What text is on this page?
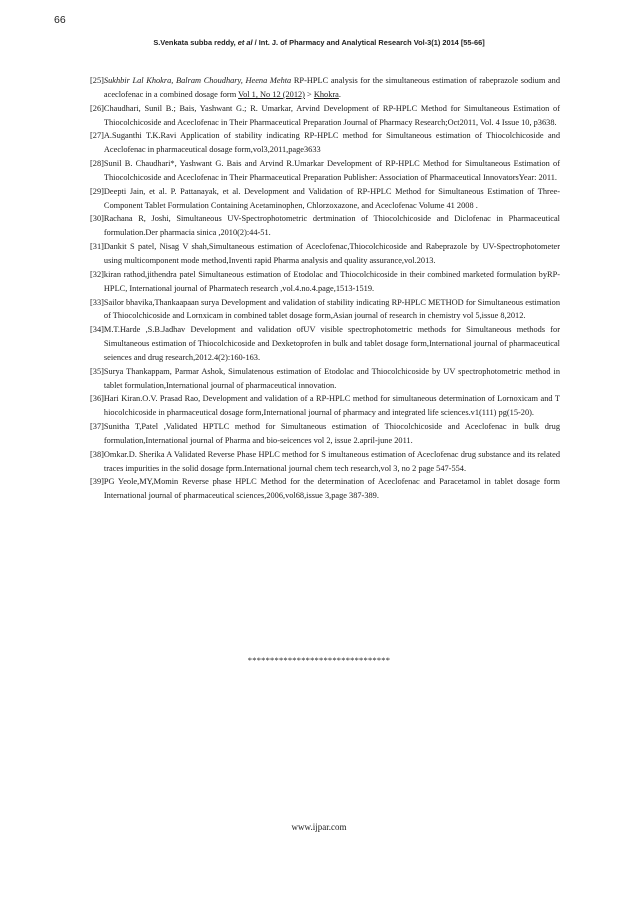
66
S.Venkata subba reddy, et al / Int. J. of Pharmacy and Analytical Research Vol-3(1) 2014 [55-66]
[25] Sukhbir Lal Khokra, Balram Choudhary, Heena Mehta RP-HPLC analysis for the simultaneous estimation of rabeprazole sodium and aceclofenac in a combined dosage form Vol 1, No 12 (2012) > Khokra.
[26] Chaudhari, Sunil B.; Bais, Yashwant G.; R. Umarkar, Arvind Development of RP-HPLC Method for Simultaneous Estimation of Thiocolchicoside and Aceclofenac in Their Pharmaceutical Preparation Journal of Pharmacy Research;Oct2011, Vol. 4 Issue 10, p3638.
[27] A.Suganthi T.K.Ravi Application of stability indicating RP-HPLC method for Simultaneous estimation of Thiocolchicoside and Aceclofenac in pharmaceutical dosage form,vol3,2011,page3633
[28] Sunil B. Chaudhari*, Yashwant G. Bais and Arvind R.Umarkar Development of RP-HPLC Method for Simultaneous Estimation of Thiocolchicoside and Aceclofenac in Their Pharmaceutical Preparation Publisher: Association of Pharmaceutical InnovatorsYear: 2011.
[29] Deepti Jain, et al. P. Pattanayak, et al. Development and Validation of RP-HPLC Method for Simultaneous Estimation of Three-Component Tablet Formulation Containing Acetaminophen, Chlorzoxazone, and Aceclofenac Volume 41 2008 .
[30] Rachana R, Joshi, Simultaneous UV-Spectrophotometric dertmination of Thiocolchicoside and Diclofenac in Pharmaceutical formulation.Der pharmacia sinica ,2010(2):44-51.
[31] Dankit S patel, Nisag V shah,Simultaneous estimation of Aceclofenac,Thiocolchicoside and Rabeprazole by UV-Spectrophotometer using multicomponent mode method,Inventi rapid Pharma analysis and quality assurance,vol.2013.
[32] kiran rathod,jithendra patel Simultaneous estimation of Etodolac and Thiocolchicoside in their combined marketed formulation byRP-HPLC, International journal of Pharmatech research ,vol.4.no.4.page,1513-1519.
[33] Sailor bhavika,Thankaapaan surya Development and validation of stability indicating RP-HPLC METHOD for Simultaneous estimation of Thiocolchicoside and Lornxicam in combined tablet dosage form,Asian journal of research in chemistry vol 5,issue 8,2012.
[34] M.T.Harde ,S.B.Jadhav Development and validation ofUV visible spectrophotometric methods for Simultaneous methods for Simultaneous estimation of Thiocolchicoside and Dexketoprofen in bulk and tablet dosage form,International journal of pharmaceutical seiences and drug research,2012.4(2):160-163.
[35] Surya Thankappam, Parmar Ashok, Simulatenous estimation of Etodolac and Thiocolchicoside by UV spectrophotometric method in tablet formulation,International journal of pharmaceutical innovation.
[36] Hari Kiran.O.V. Prasad Rao, Development and validation of a RP-HPLC method for simultaneous determination of Lornoxicam and T hiocolchicoside in pharmaceutical dosage form,International journal of pharmacy and integrated life sciences.v1(111) pg(15-20).
[37] Sunitha T,Patel ,Validated HPTLC method for Simultaneous estimation of Thiocolchicoside and Aceclofenac in bulk drug formulation,International journal of Pharma and bio-seicences vol 2, issue 2.april-june 2011.
[38] Omkar.D. Sherika A Validated Reverse Phase HPLC method for S imultaneous estimation of Aceclofenac drug substance and its related traces impurities in the solid dosage fprm.International journal chem tech research,vol 3, no 2 page 547-554.
[39] PG Yeole,MY,Momin Reverse phase HPLC Method for the determination of Aceclofenac and Paracetamol in tablet dosage form International journal of pharmaceutical sciences,2006,vol68,issue 3,page 387-389.
********************************
www.ijpar.com
